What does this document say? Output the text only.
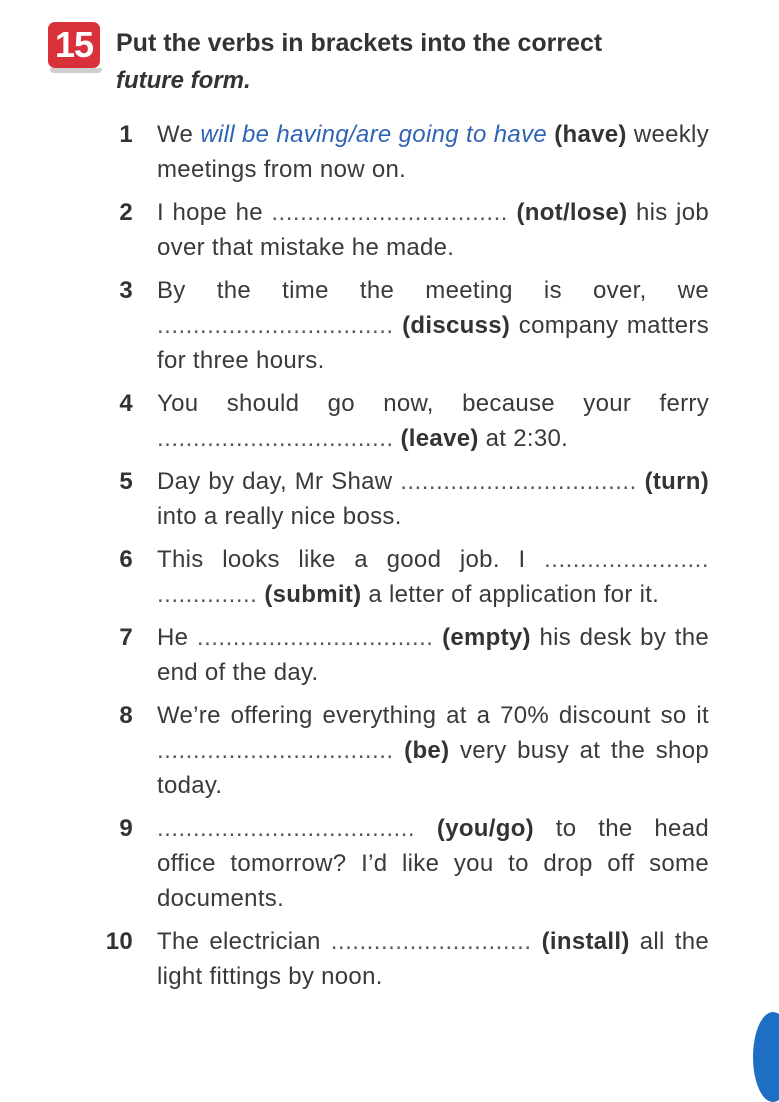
15 Put the verbs in brackets into the correct
future form.
1 We will be having/are going to have (have) weekly meetings from now on.
2 I hope he ................................. (not/lose) his job over that mistake he made.
3 By the time the meeting is over, we ................................. (discuss) company matters for three hours.
4 You should go now, because your ferry ................................. (leave) at 2:30.
5 Day by day, Mr Shaw ................................. (turn) into a really nice boss.
6 This looks like a good job. I ....................... .............. (submit) a letter of application for it.
7 He ................................. (empty) his desk by the end of the day.
8 We’re offering everything at a 70% discount so it ................................. (be) very busy at the shop today.
9 .................................... (you/go) to the head office tomorrow? I’d like you to drop off some documents.
10 The electrician ............................ (install) all the light fittings by noon.
